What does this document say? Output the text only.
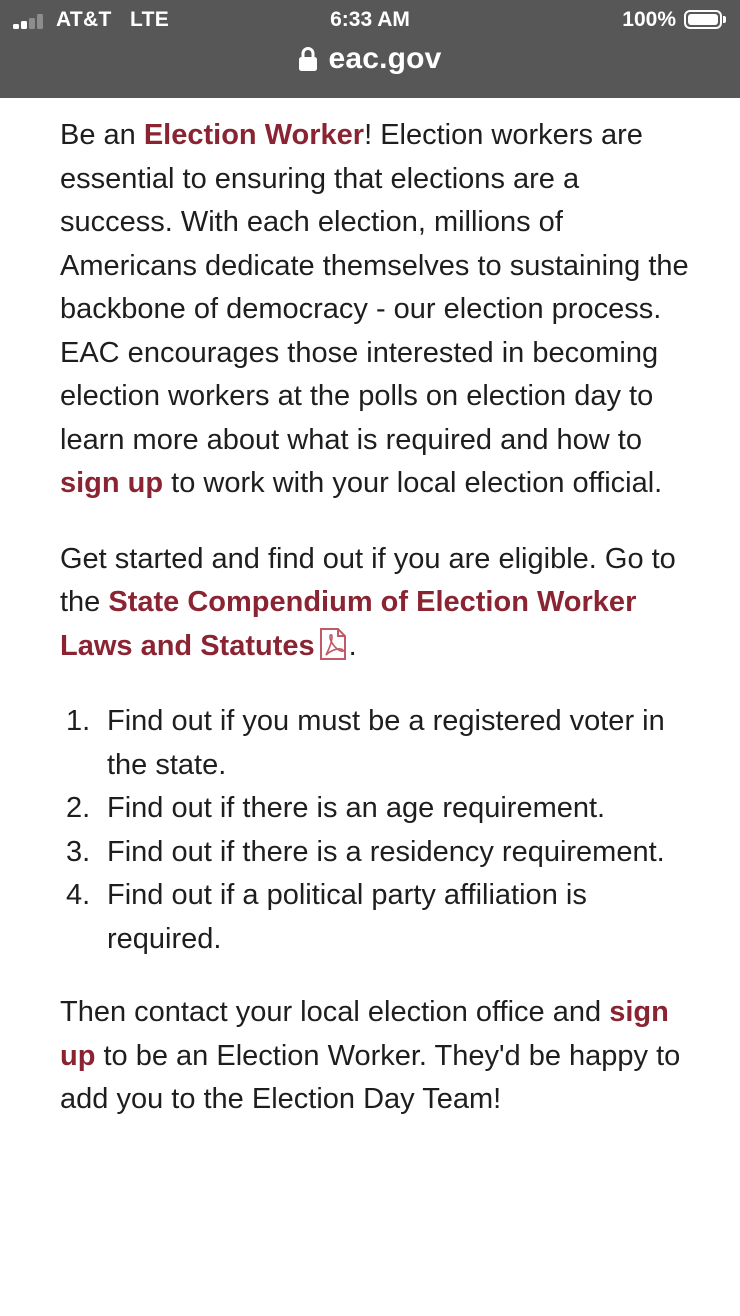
AT&T LTE	6:33 AM	100%
eac.gov

Be an Election Worker! Election workers are essential to ensuring that elections are a success. With each election, millions of Americans dedicate themselves to sustaining the backbone of democracy - our election process. EAC encourages those interested in becoming election workers at the polls on election day to learn more about what is required and how to sign up to work with your local election official.

Get started and find out if you are eligible. Go to the State Compendium of Election Worker Laws and Statutes .

1. Find out if you must be a registered voter in the state.
2. Find out if there is an age requirement.
3. Find out if there is a residency requirement.
4. Find out if a political party affiliation is required.

Then contact your local election office and sign up to be an Election Worker. They'd be happy to add you to the Election Day Team!
